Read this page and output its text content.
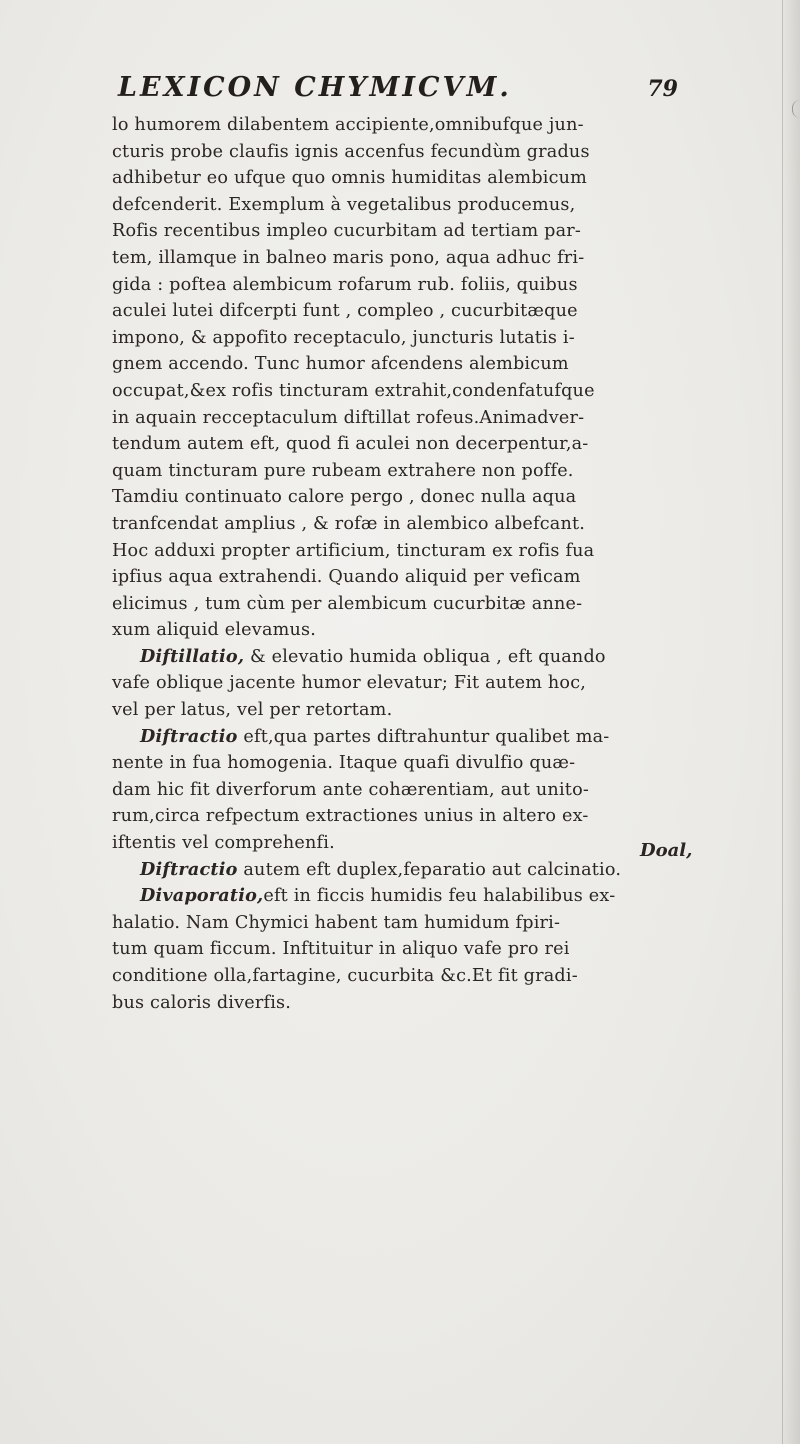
LEXICON CHYMICVM.	79
lo humorem dilabentem accipiente,omnibufque jun-
cturis probe claufis ignis accenfus fecundùm gradus
adhibetur eo ufque quo omnis humiditas alembicum
defcenderit. Exemplum à vegetalibus producemus,
Rofis recentibus impleo cucurbitam ad tertiam par-
tem, illamque in balneo maris pono, aqua adhuc fri-
gida : poftea alembicum rofarum rub. foliis, quibus
aculei lutei difcerpti funt , compleo , cucurbitæque
impono, & appofito receptaculo, juncturis lutatis i-
gnem accendo. Tunc humor afcendens alembicum
occupat,&ex rofis tincturam extrahit,condenfatufque
in aquain recceptaculum diftillat rofeus.Animadver-
tendum autem eft, quod fi aculei non decerpentur,a-
quam tincturam pure rubeam extrahere non poffe.
Tamdiu continuato calore pergo , donec nulla aqua
tranfcendat amplius , & rofæ in alembico albefcant.
Hoc adduxi propter artificium, tincturam ex rofis fua
ipfius aqua extrahendi. Quando aliquid per veficam
elicimus , tum cùm per alembicum cucurbitæ anne-
xum aliquid elevamus.
Diftillatio, & elevatio humida obliqua , eft quando
vafe oblique jacente humor elevatur; Fit autem hoc,
vel per latus, vel per retortam.
Diftractio eft,qua partes diftrahuntur qualibet ma-
nente in fua homogenia. Itaque quafi divulfio quæ-
dam hic fit diverforum ante cohærentiam, aut unito-
rum,circa refpectum extractiones unius in altero ex-
iftentis vel comprehenfi.
Diftractio autem eft duplex,feparatio aut calcinatio.
Divaporatio,eft in ficcis humidis feu halabilibus ex-
halatio. Nam Chymici habent tam humidum fpiri-
tum quam ficcum. Inftituitur in aliquo vafe pro rei
conditione olla,fartagine, cucurbita &c.Et fit gradi-
bus caloris diverfis.
Doal,
